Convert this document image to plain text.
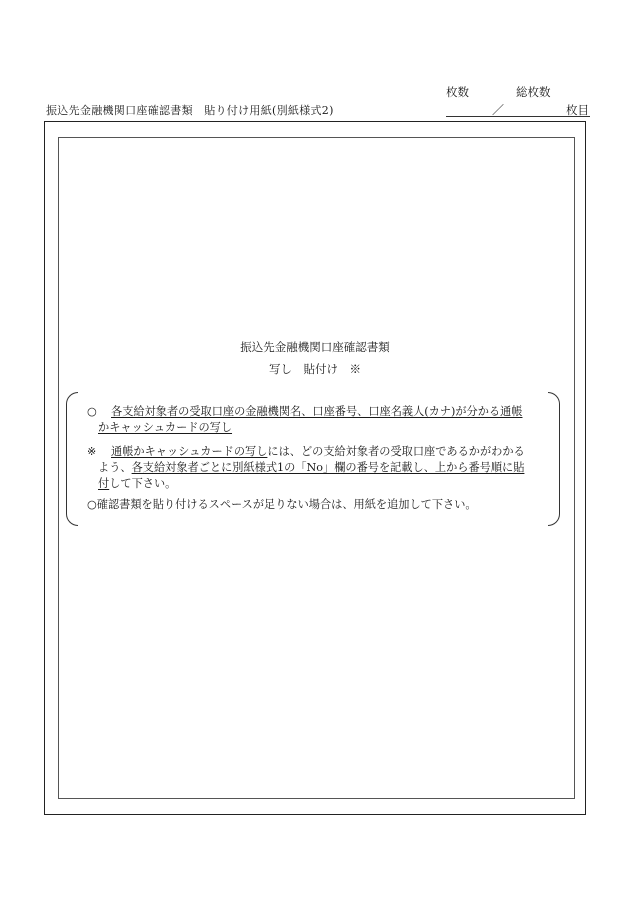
振込先金融機関口座確認書類　貼り付け用紙(別紙様式2)
枚数	総枚数
／	枚目
振込先金融機関口座確認書類
写し　貼付け　※
○ 各支給対象者の受取口座の金融機関名、口座番号、口座名義人(カナ)が分かる通帳
かキャッシュカードの写し
※ 通帳かキャッシュカードの写しには、どの支給対象者の受取口座であるかがわかる
よう、各支給対象者ごとに別紙様式1の「No」欄の番号を記載し、上から番号順に貼
付して下さい。
○確認書類を貼り付けるスペースが足りない場合は、用紙を追加して下さい。
